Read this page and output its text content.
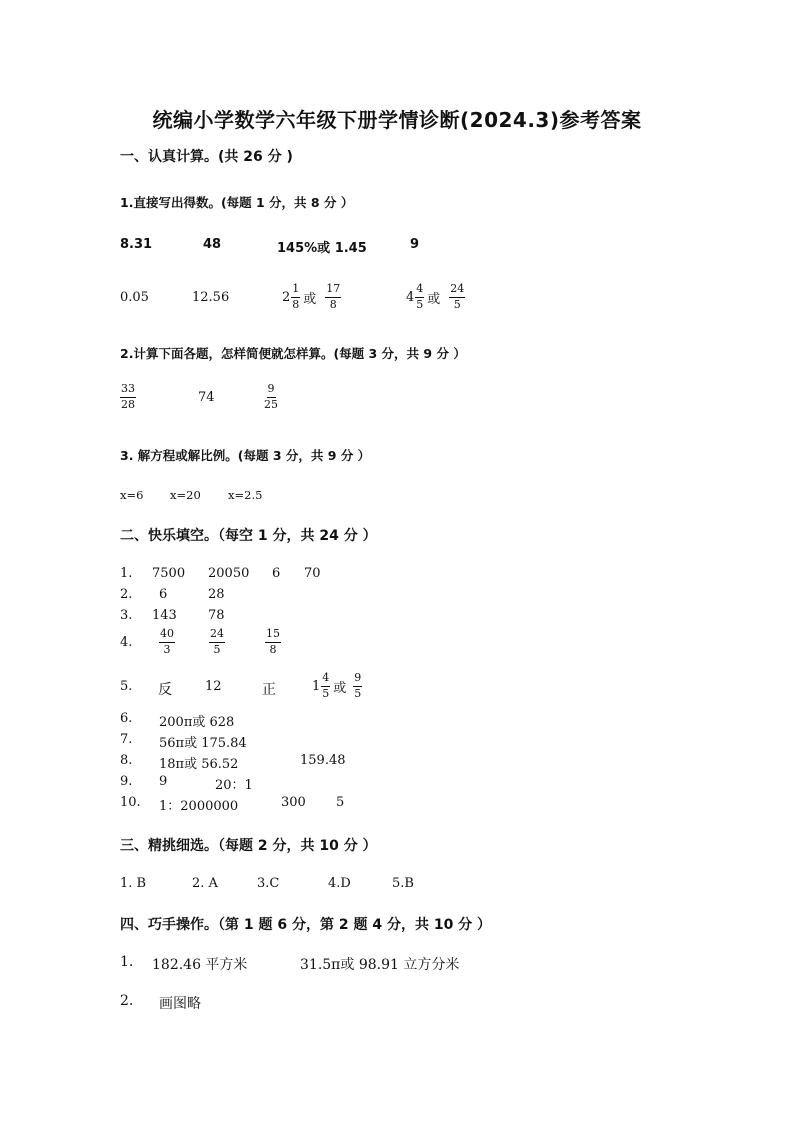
统编小学数学六年级下册学情诊断(2024.3)参考答案
一、认真计算。(共 26 分 )
1.直接写出得数。(每题 1 分，共 8 分 ）
8.31	48	145%或 1.45	9
0.05	12.56	$2 \frac{1}{8}$ 或 $\frac{17}{8}$	$4 \frac{4}{5}$ 或 $\frac{24}{5}$
2.计算下面各题，怎样简便就怎样算。(每题 3 分，共 9 分 ）
$\frac{33}{28}$	74	$\frac{9}{25}$
3. 解方程或解比例。(每题 3 分，共 9 分 ）
x=6 x=20 x=2.5
二、快乐填空。（每空 1 分，共 24 分 ）
1. 7500 20050 6 70
2. 6	28
3. 143 78
4. $\frac{40}{3}$	$\frac{24}{5}$	$\frac{15}{8}$
5. 反	12	正	$1 \frac{4}{5}$ 或 $\frac{9}{5}$
6. 200π或 628
7. 56π或 175.84
8. 18π或 56.52	159.48
9. 9	20：1
10. 1：2000000	300 5
三、精挑细选。（每题 2 分，共 10 分 ）
1. B	2. A	3.C	4.D	5.B
四、巧手操作。（第 1 题 6 分，第 2 题 4 分，共 10 分 ）
1. 182.46 平方米	31.5π或 98.91 立方分米
2. 画图略
